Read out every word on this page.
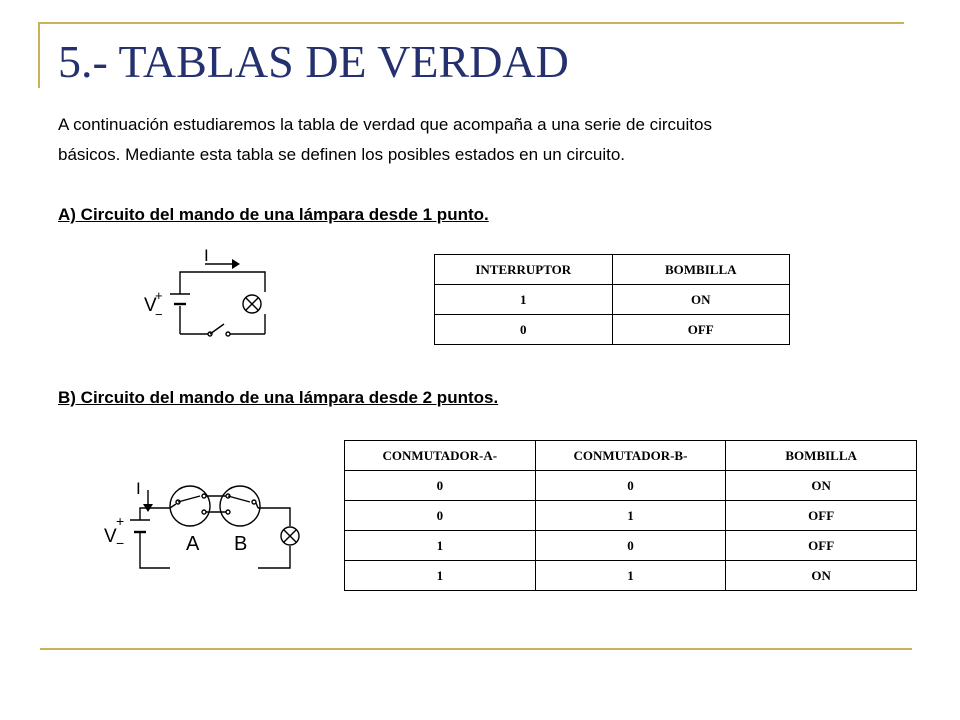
5.- TABLAS DE VERDAD

A continuación estudiaremos la tabla de verdad que acompaña a una serie de circuitos
básicos. Mediante esta tabla se definen los posibles estados en un circuito.

A) Circuito del mando de una lámpara desde 1 punto.

I
V
+
−
INTERRUPTOR	BOMBILLA
1	ON
0	OFF

B) Circuito del mando de una lámpara desde 2 puntos.

I
V
+
−	A B
CONMUTADOR-A-	CONMUTADOR-B-	BOMBILLA
0	0	ON
0	1	OFF
1	0	OFF
1	1	ON
